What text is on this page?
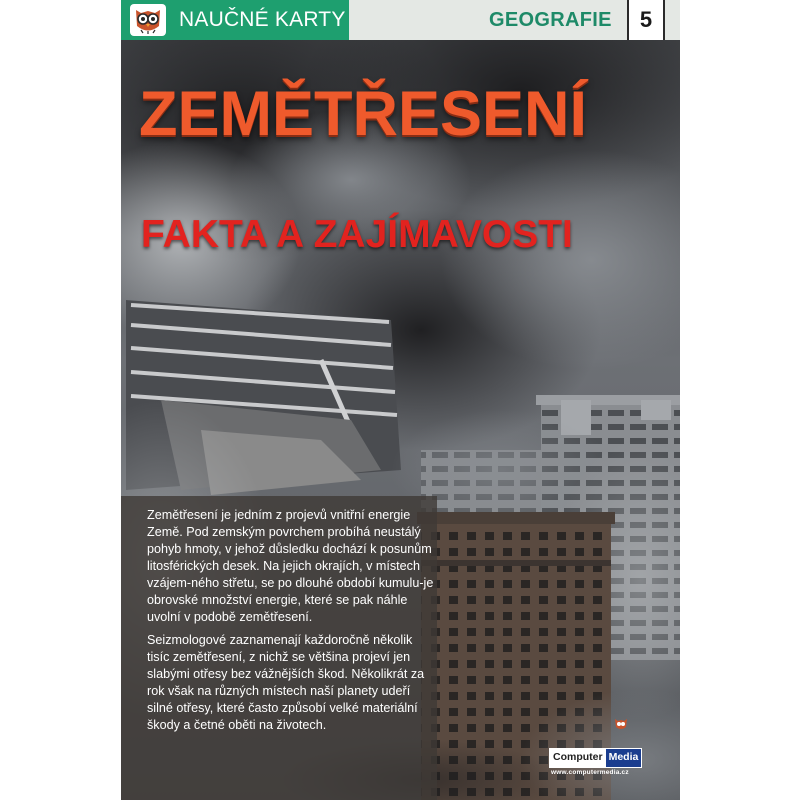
NAUČNÉ KARTY	GEOGRAFIE	5
ZEMĚTŘESENÍ
FAKTA A ZAJÍMAVOSTI

Zemětřesení je jedním z projevů vnitřní energie Země. Pod zemským povrchem probíhá neustálý pohyb hmoty, v jehož důsledku dochází k posunům litosférických desek. Na jejich okrajích, v místech vzájem-ného střetu, se po dlouhé období kumulu-je obrovské množství energie, které se pak náhle uvolní v podobě zemětřesení.

Seizmologové zaznamenají každoročně několik tisíc zemětřesení, z nichž se většina projeví jen slabými otřesy bez vážnějších škod. Několikrát za rok však na různých místech naší planety udeří silné otřesy, které často způsobí velké materiální škody a četné oběti na životech.

Computer Media
www.computermedia.cz
